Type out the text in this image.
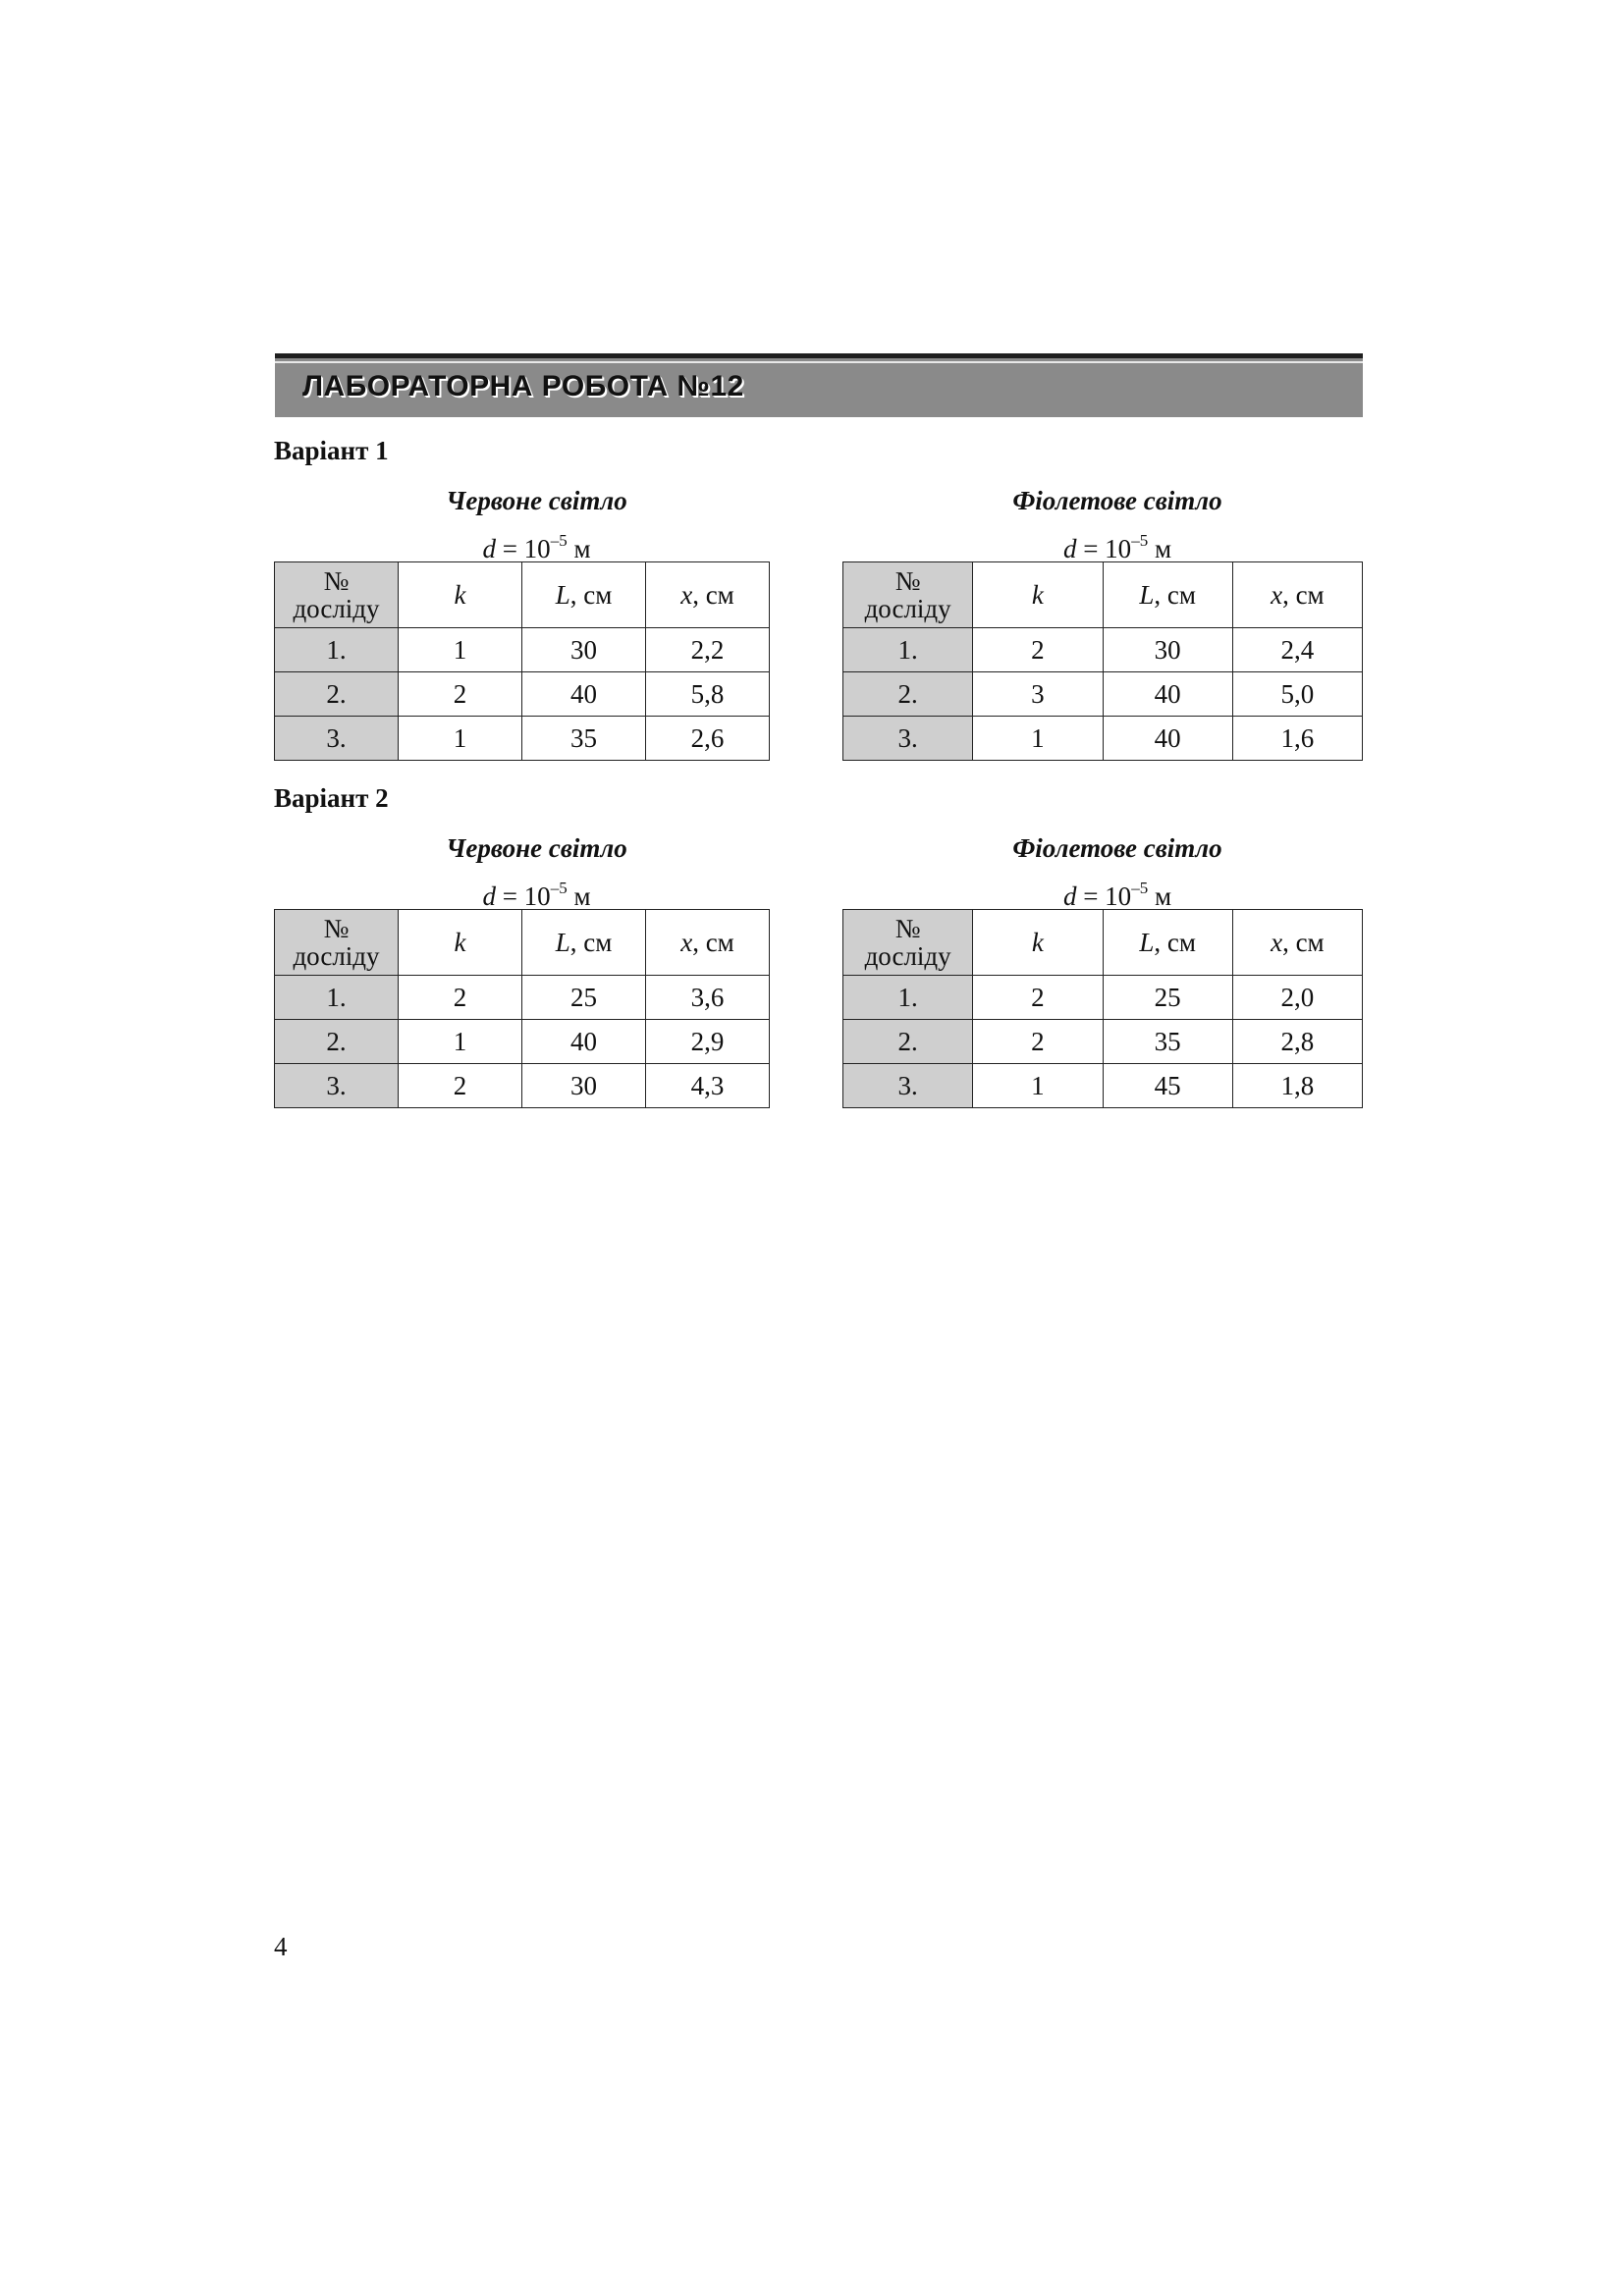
ЛАБОРАТОРНА РОБОТА №12
Варіант 1
Червоне світло
$d = 10^{-5}$ м
№
досліду	k	L, см	x, см
1.	1	30	2,2
2.	2	40	5,8
3.	1	35	2,6
Фіолетове світло
$d = 10^{-5}$ м
№
досліду	k	L, см	x, см
1.	2	30	2,4
2.	3	40	5,0
3.	1	40	1,6
Варіант 2
Червоне світло
$d = 10^{-5}$ м
№
досліду	k	L, см	x, см
1.	2	25	3,6
2.	1	40	2,9
3.	2	30	4,3
Фіолетове світло
$d = 10^{-5}$ м
№
досліду	k	L, см	x, см
1.	2	25	2,0
2.	2	35	2,8
3.	1	45	1,8
4
